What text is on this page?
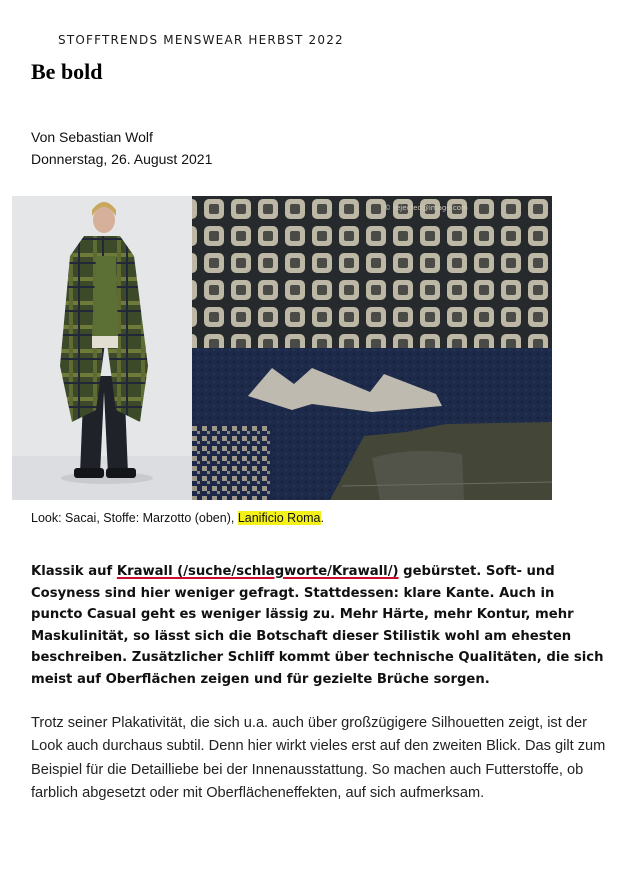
STOFFTRENDS MENSWEAR HERBST 2022
Be bold
Von Sebastian Wolf
Donnerstag, 26. August 2021
© rejected@image.com
Look: Sacai, Stoffe: Marzotto (oben), Lanificio Roma.

Klassik auf Krawall (/suche/schlagworte/Krawall/) gebürstet. Soft- und Cosyness sind hier weniger gefragt. Stattdessen: klare Kante. Auch in puncto Casual geht es weniger lässig zu. Mehr Härte, mehr Kontur, mehr Maskulinität, so lässt sich die Botschaft dieser Stilistik wohl am ehesten beschreiben. Zusätzlicher Schliff kommt über technische Qualitäten, die sich meist auf Oberflächen zeigen und für gezielte Brüche sorgen.

Trotz seiner Plakativität, die sich u.a. auch über großzügigere Silhouetten zeigt, ist der Look auch durchaus subtil. Denn hier wirkt vieles erst auf den zweiten Blick. Das gilt zum Beispiel für die Detailliebe bei der Innenausstattung. So machen auch Futterstoffe, ob farblich abgesetzt oder mit Oberflächeneffekten, auf sich aufmerksam.
